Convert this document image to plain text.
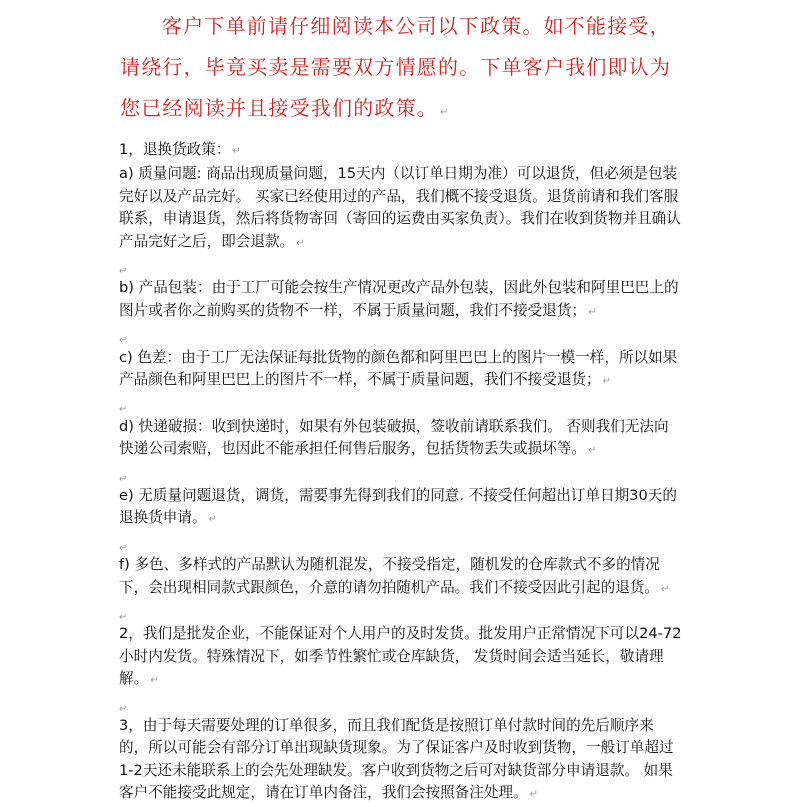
客户下单前请仔细阅读本公司以下政策。如不能接受，请绕行，毕竟买卖是需要双方情愿的。下单客户我们即认为您已经阅读并且接受我们的政策。 ↵

1，退换货政策： ↵

a) 质量问题: 商品出现质量问题，15天内（以订单日期为准）可以退货，但必须是包装完好以及产品完好。 买家已经使用过的产品，我们概不接受退货。退货前请和我们客服联系，申请退货，然后将货物寄回（寄回的运费由买家负责）。我们在收到货物并且确认产品完好之后，即会退款。 ↵

$_↵$

b) 产品包装：由于工厂可能会按生产情况更改产品外包装，因此外包装和阿里巴巴上的图片或者你之前购买的货物不一样，不属于质量问题，我们不接受退货； ↵

$_↵$

c) 色差：由于工厂无法保证每批货物的颜色都和阿里巴巴上的图片一模一样，所以如果产品颜色和阿里巴巴上的图片不一样，不属于质量问题，我们不接受退货； ↵

$_↵$

d) 快递破损：收到快递时，如果有外包装破损，签收前请联系我们。 否则我们无法向快递公司索赔，也因此不能承担任何售后服务，包括货物丢失或损坏等。 ↵

$_↵$

e) 无质量问题退货，调货，需要事先得到我们的同意. 不接受任何超出订单日期30天的退换货申请。 ↵

$_↵$

f) 多色、多样式的产品默认为随机混发，不接受指定，随机发的仓库款式不多的情况下，会出现相同款式跟颜色，介意的请勿拍随机产品。我们不接受因此引起的退货。 ↵

$_↵$

2，我们是批发企业，不能保证对个人用户的及时发货。批发用户正常情况下可以24-72小时内发货。特殊情况下，如季节性繁忙或仓库缺货， 发货时间会适当延长，敬请理解。 ↵

$_↵$

3，由于每天需要处理的订单很多，而且我们配货是按照订单付款时间的先后顺序来的，所以可能会有部分订单出现缺货现象。为了保证客户及时收到货物，一般订单超过1-2天还未能联系上的会先处理缺发。客户收到货物之后可对缺货部分申请退款。 如果客户不能接受此规定，请在订单内备注，我们会按照备注处理。 ↵
